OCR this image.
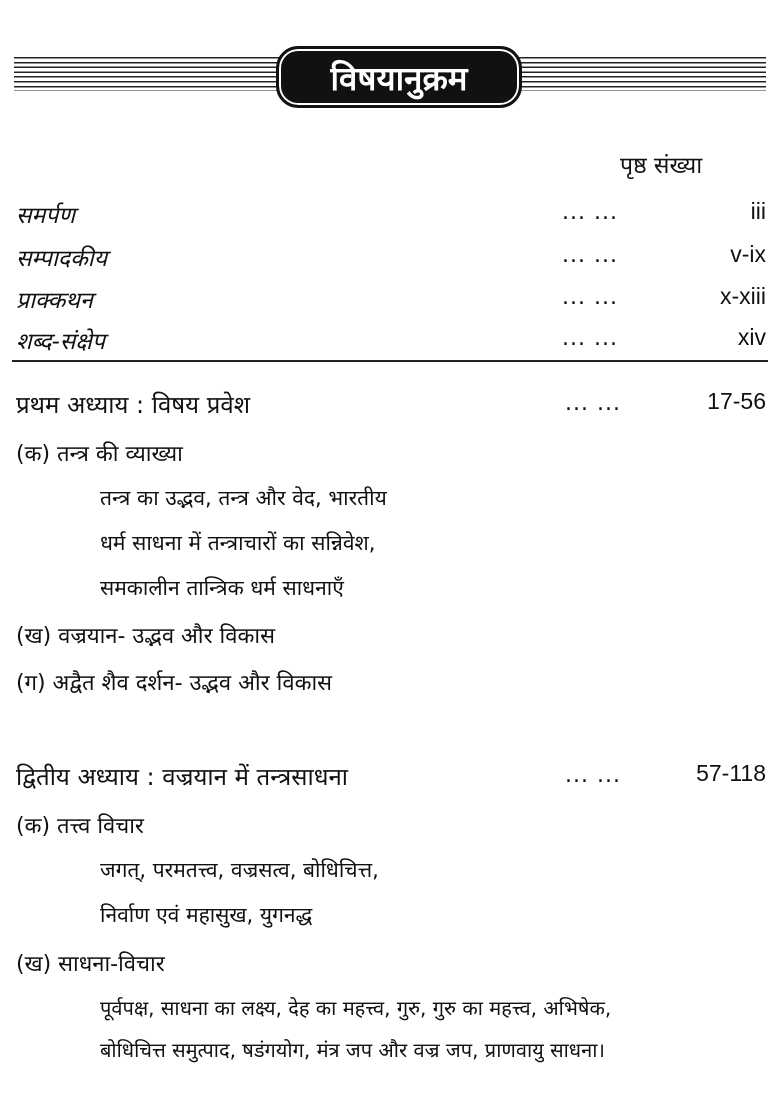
विषयानुक्रम
पृष्ठ संख्या
समर्पण	... ...	iii
सम्पादकीय	... ...	v-ix
प्राक्कथन	... ...	x-xiii
शब्द-संक्षेप	... ...	xiv
प्रथम अध्याय : विषय प्रवेश	... ...	17-56
(क) तन्त्र की व्याख्या
तन्त्र का उद्भव, तन्त्र और वेद, भारतीय
धर्म साधना में तन्त्राचारों का सन्निवेश,
समकालीन तान्त्रिक धर्म साधनाएँ
(ख) वज्रयान- उद्भव और विकास
(ग) अद्वैत शैव दर्शन- उद्भव और विकास
द्वितीय अध्याय : वज्रयान में तन्त्रसाधना	... ...	57-118
(क) तत्त्व विचार
जगत्, परमतत्त्व, वज्रसत्व, बोधिचित्त,
निर्वाण एवं महासुख, युगनद्ध
(ख) साधना-विचार
पूर्वपक्ष, साधना का लक्ष्य, देह का महत्त्व, गुरु, गुरु का महत्त्व, अभिषेक,
बोधिचित्त समुत्पाद, षडंगयोग, मंत्र जप और वज्र जप, प्राणवायु साधना।
